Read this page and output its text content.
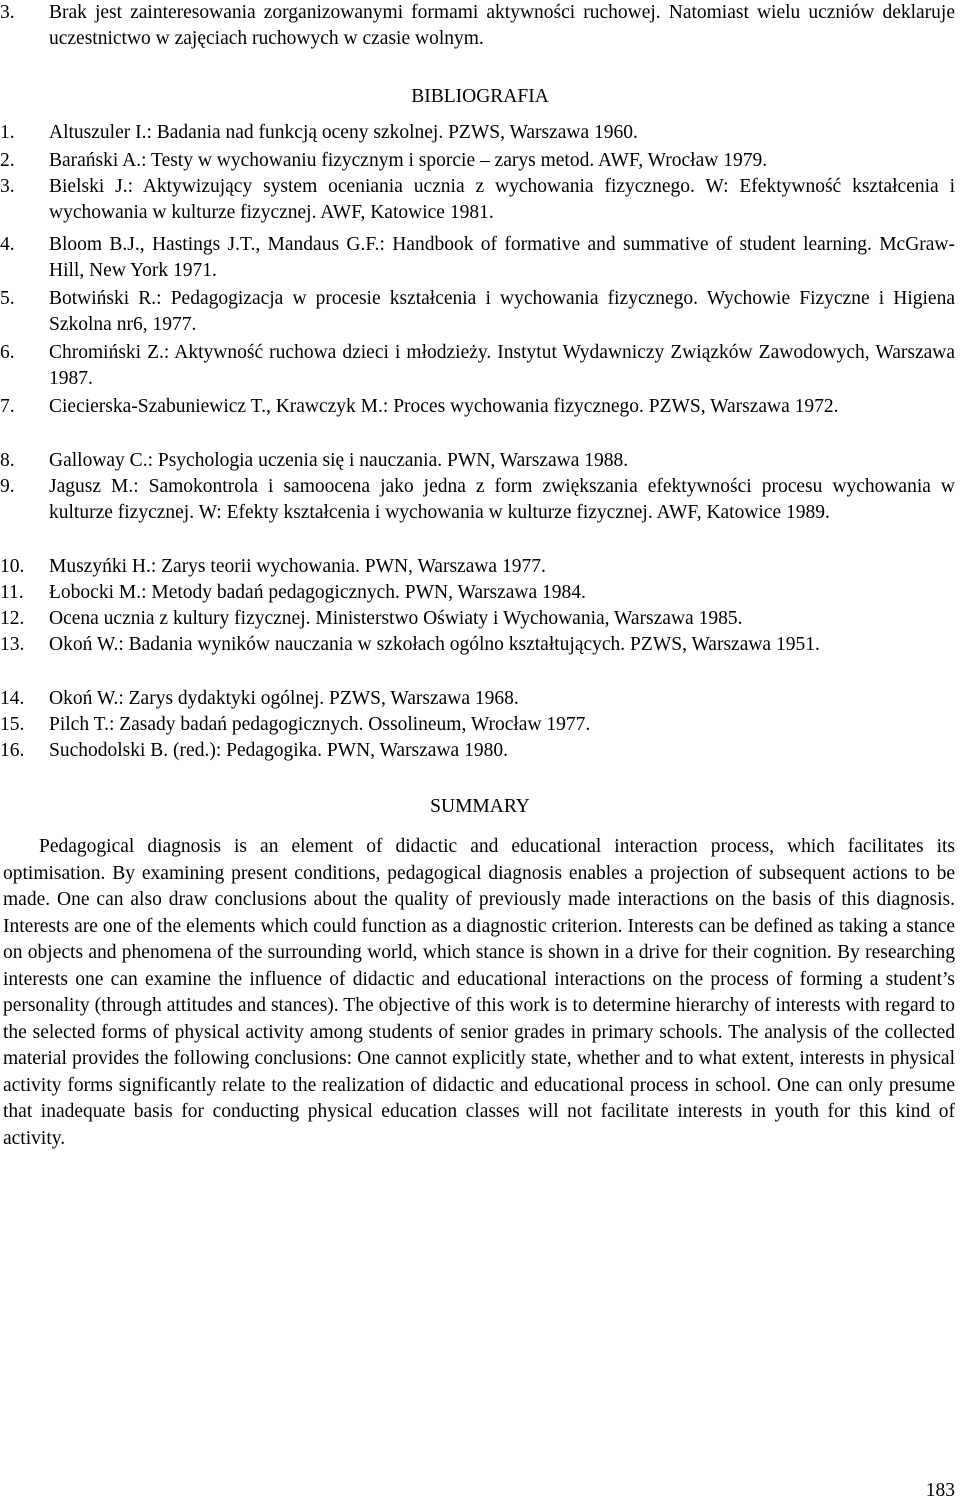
3.	Brak jest zainteresowania zorganizowanymi formami aktywności ruchowej. Natomiast wielu uczniów deklaruje uczestnictwo w zajęciach ruchowych w czasie wolnym.
BIBLIOGRAFIA
1.	Altuszuler I.: Badania nad funkcją oceny szkolnej. PZWS, Warszawa 1960.
2.	Barański A.: Testy w wychowaniu fizycznym i sporcie – zarys metod. AWF, Wrocław 1979.
3.	Bielski J.: Aktywizujący system oceniania ucznia z wychowania fizycznego. W: Efektywność kształcenia i wychowania w kulturze fizycznej. AWF, Katowice 1981.
4.	Bloom B.J., Hastings J.T., Mandaus G.F.: Handbook of formative and summative of student learning. McGraw-Hill, New York 1971.
5.	Botwiński R.: Pedagogizacja w procesie kształcenia i wychowania fizycznego. Wychowie Fizyczne i Higiena Szkolna nr6, 1977.
6.	Chromiński Z.: Aktywność ruchowa dzieci i młodzieży. Instytut Wydawniczy Związków Zawodowych, Warszawa 1987.
7.	Ciecierska-Szabuniewicz T., Krawczyk M.: Proces wychowania fizycznego. PZWS, Warszawa 1972.
8.	Galloway C.: Psychologia uczenia się i nauczania. PWN, Warszawa 1988.
9.	Jagusz M.: Samokontrola i samoocena jako jedna z form zwiększania efektywności procesu wychowania w kulturze fizycznej. W: Efekty kształcenia i wychowania w kulturze fizycznej. AWF, Katowice 1989.
10.	Muszyńki H.: Zarys teorii wychowania. PWN, Warszawa 1977.
11.	Łobocki M.: Metody badań pedagogicznych. PWN, Warszawa 1984.
12.	Ocena ucznia z kultury fizycznej. Ministerstwo Oświaty i Wychowania, Warszawa 1985.
13.	Okoń W.: Badania wyników nauczania w szkołach ogólno kształtujących. PZWS, Warszawa 1951.
14.	Okoń W.: Zarys dydaktyki ogólnej. PZWS, Warszawa 1968.
15.	Pilch T.: Zasady badań pedagogicznych. Ossolineum, Wrocław 1977.
16.	Suchodolski B. (red.): Pedagogika. PWN, Warszawa 1980.
SUMMARY
Pedagogical diagnosis is an element of didactic and educational interaction process, which facilitates its optimisation. By examining present conditions, pedagogical diagnosis enables a projection of subsequent actions to be made. One can also draw conclusions about the quality of previously made interactions on the basis of this diagnosis. Interests are one of the elements which could function as a diagnostic criterion. Interests can be defined as taking a stance on objects and phenomena of the surrounding world, which stance is shown in a drive for their cognition. By researching interests one can examine the influence of didactic and educational interactions on the process of forming a student’s personality (through attitudes and stances). The objective of this work is to determine hierarchy of interests with regard to the selected forms of physical activity among students of senior grades in primary schools. The analysis of the collected material provides the following conclusions: One cannot explicitly state, whether and to what extent, interests in physical activity forms significantly relate to the realization of didactic and educational process in school. One can only presume that inadequate basis for conducting physical education classes will not facilitate interests in youth for this kind of activity.
183
